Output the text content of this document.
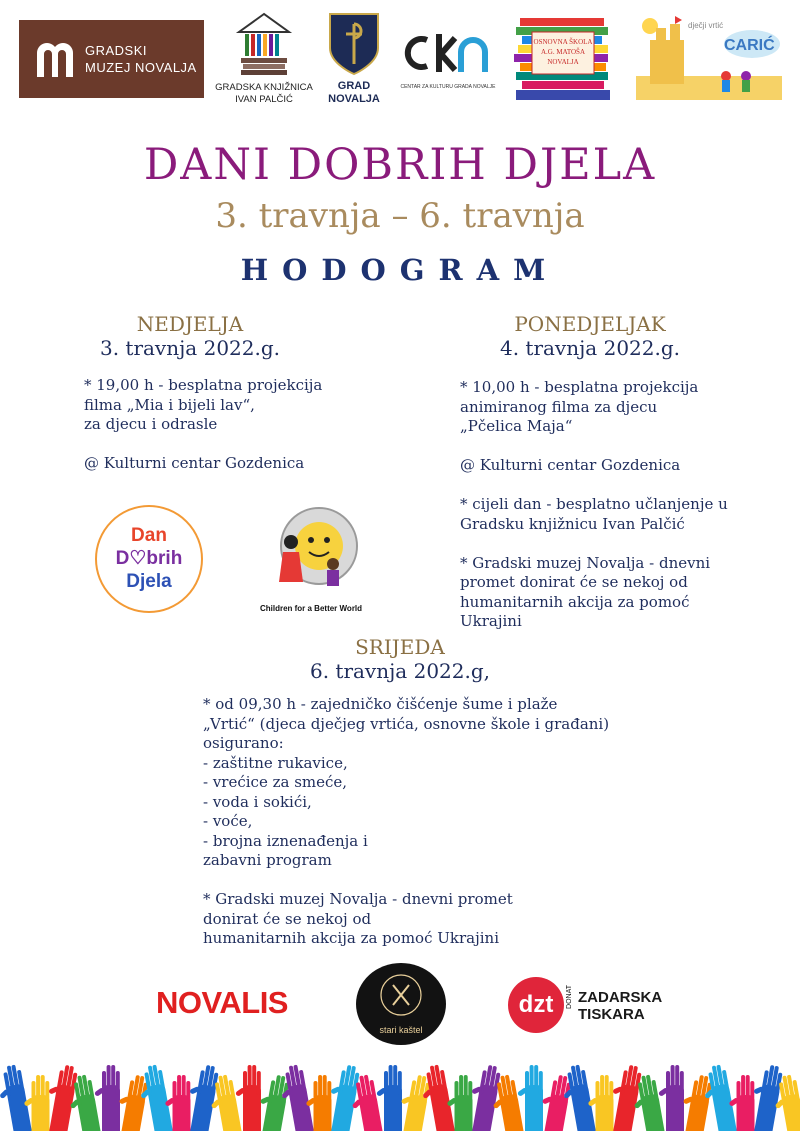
GRADSKI
MUZEJ NOVALJA
GRADSKA KNJIŽNICA
IVAN PALČIĆ
GRAD
NOVALJA
CENTAR ZA KULTURU GRADA NOVALJE
OSNOVNA ŠKOLA
A.G. MATOŠA
NOVALJA
dječji vrtić
CARIĆ
DANI DOBRIH DJELA
3. travnja – 6. travnja
HODOGRAM
NEDJELJA
3. travnja 2022.g.
* 19,00 h - besplatna projekcija
filma „Mia i bijeli lav“,
za djecu i odrasle

@ Kulturni centar Gozdenica
PONEDJELJAK
4. travnja 2022.g.
* 10,00 h - besplatna projekcija
animiranog filma za djecu
„Pčelica Maja“

@ Kulturni centar Gozdenica

* cijeli dan - besplatno učlanjenje u
Gradsku knjižnicu Ivan Palčić

* Gradski muzej Novalja - dnevni
promet donirat će se nekoj od
humanitarnih akcija za pomoć
Ukrajini
Dan
D♡brih
Djela
Children for a Better World
SRIJEDA
6. travnja 2022.g,
* od 09,30 h - zajedničko čišćenje šume i plaže
„Vrtić“ (djeca dječjeg vrtića, osnovne škole i građani)
osigurano:
- zaštitne rukavice,
- vrećice za smeće,
- voda i sokići,
- voće,
- brojna iznenađenja i
zabavni program

* Gradski muzej Novalja - dnevni promet
donirat će se nekoj od
humanitarnih akcija za pomoć Ukrajini
NOVALIS
stari kaštel
dzt	DONAT ZADARSKA
TISKARA
